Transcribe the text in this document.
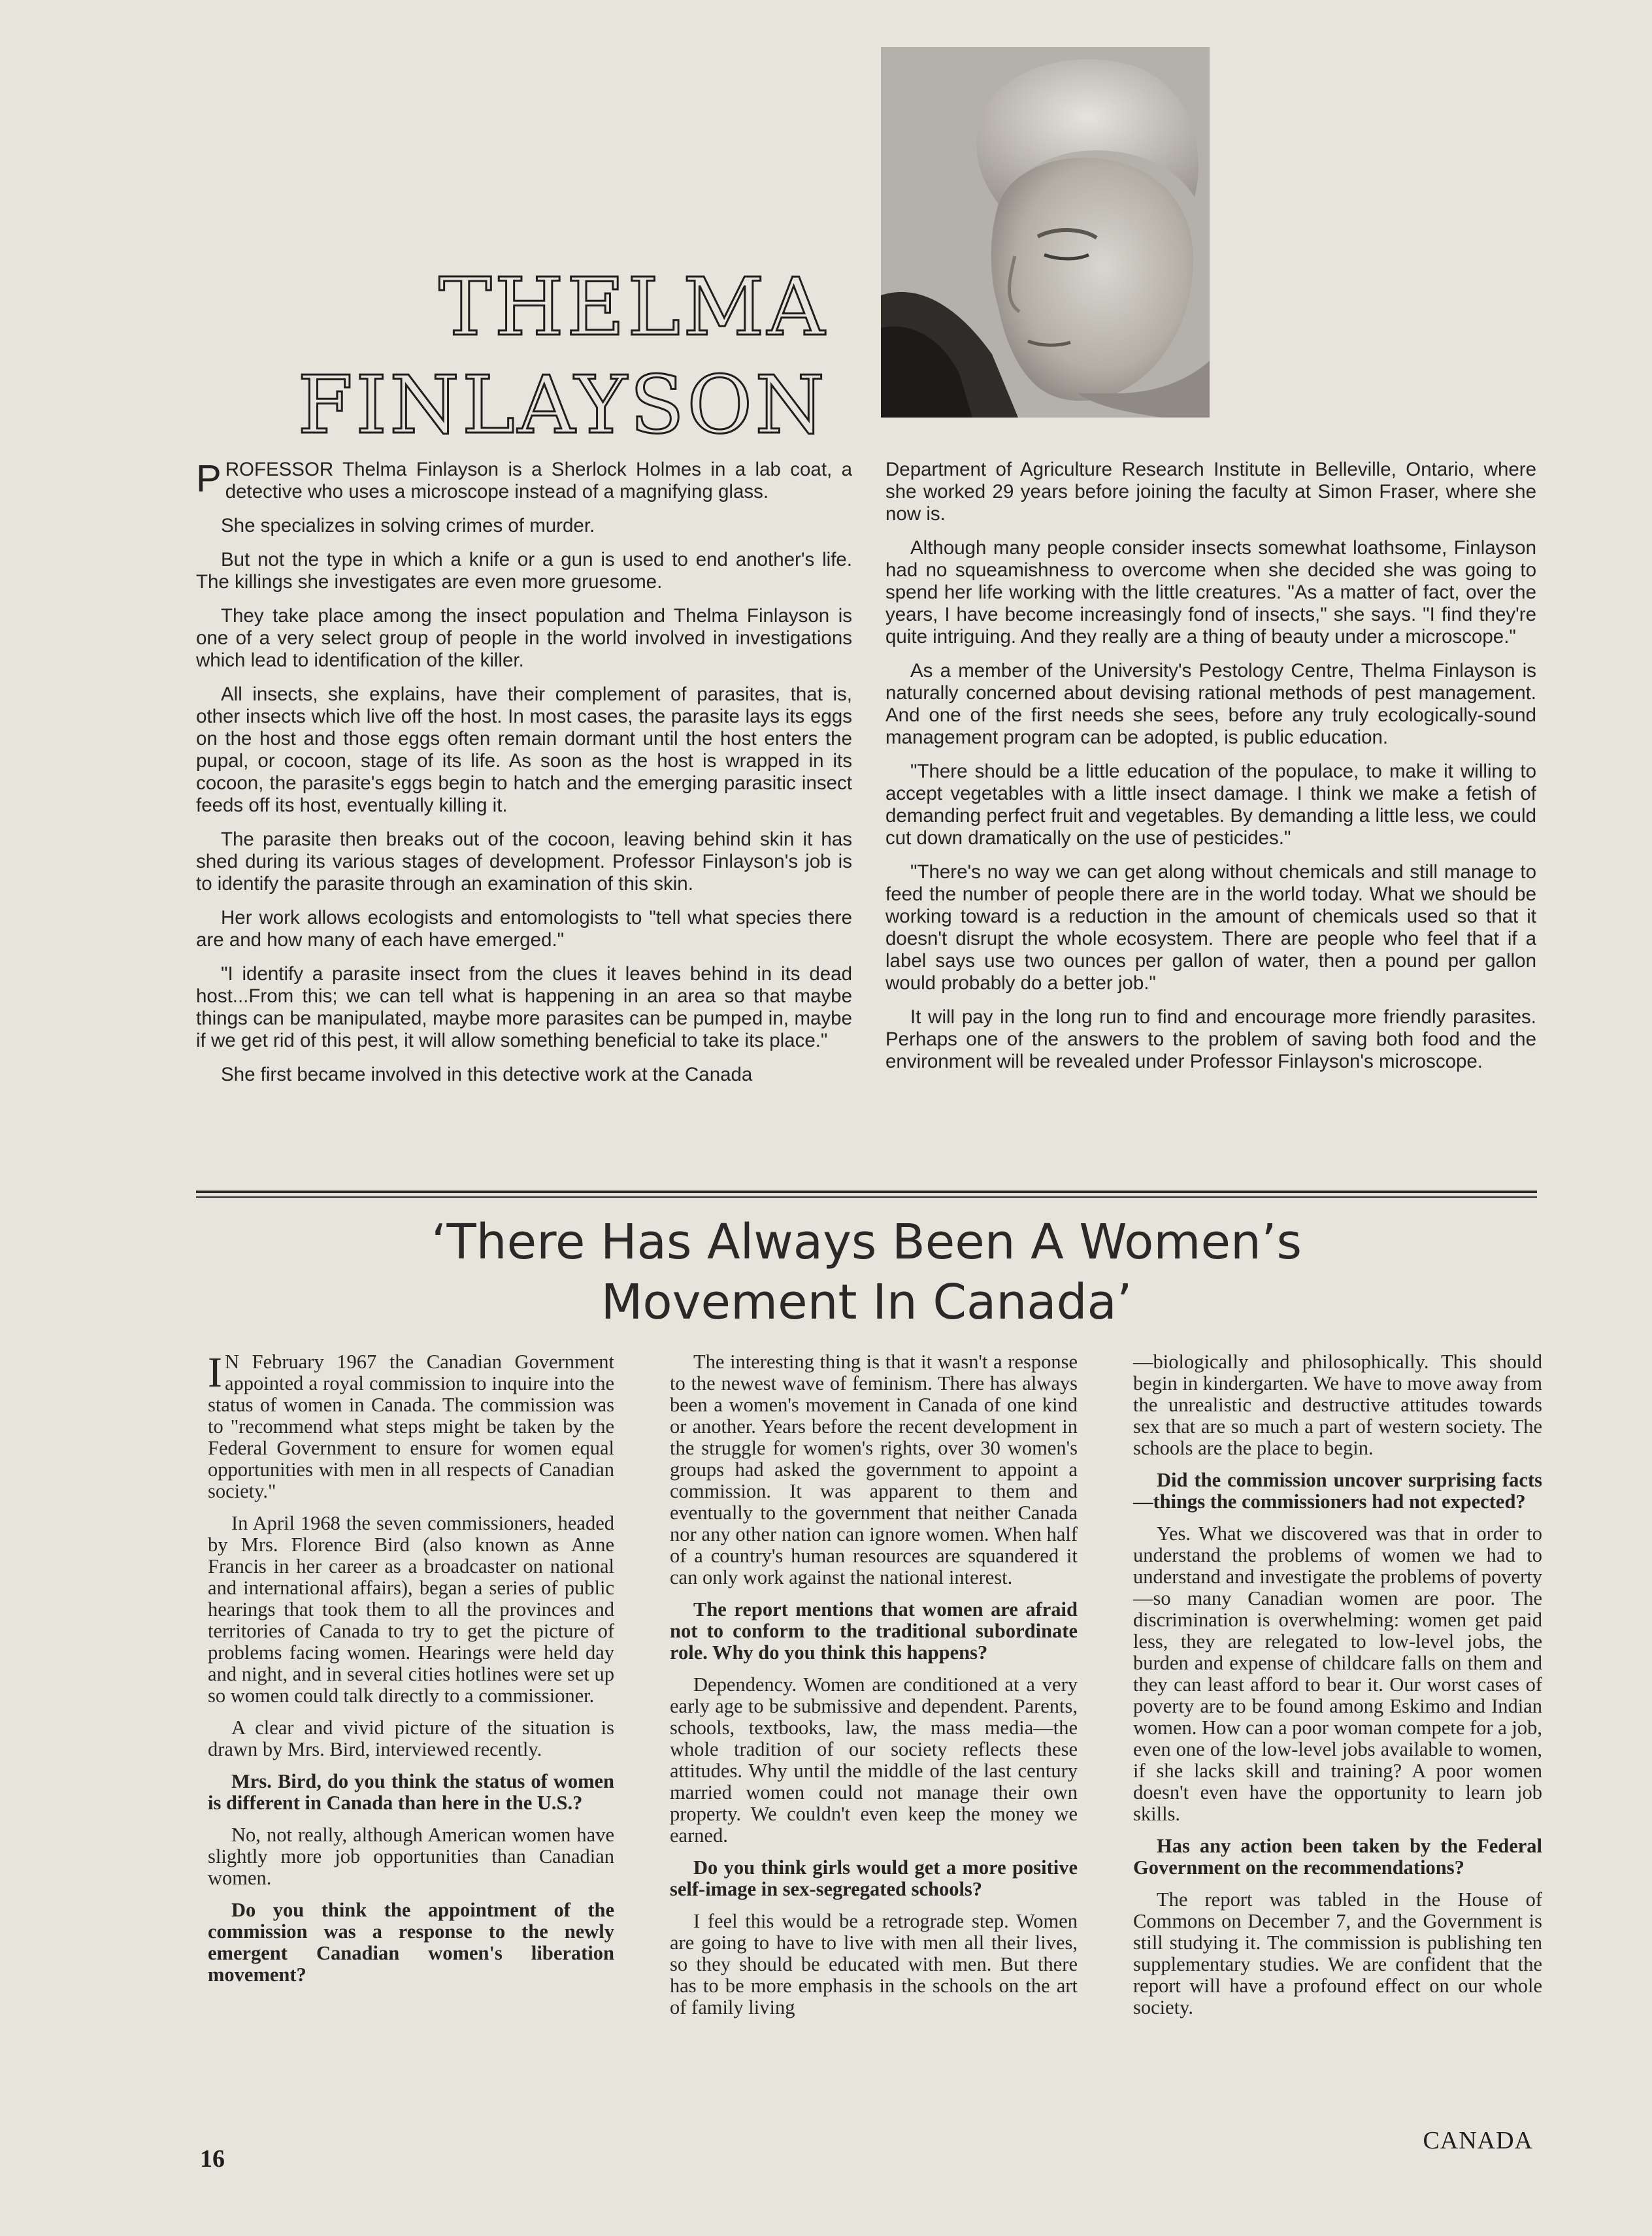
THELMA
FINLAYSON

PROFESSOR Thelma Finlayson is a Sherlock Holmes in a lab coat, a detective who uses a microscope instead of a magnifying glass.

She specializes in solving crimes of murder.

But not the type in which a knife or a gun is used to end another's life. The killings she investigates are even more gruesome.

They take place among the insect population and Thelma Finlayson is one of a very select group of people in the world involved in investigations which lead to identification of the killer.

All insects, she explains, have their complement of parasites, that is, other insects which live off the host. In most cases, the parasite lays its eggs on the host and those eggs often remain dormant until the host enters the pupal, or cocoon, stage of its life. As soon as the host is wrapped in its cocoon, the parasite's eggs begin to hatch and the emerging parasitic insect feeds off its host, eventually killing it.

The parasite then breaks out of the cocoon, leaving behind skin it has shed during its various stages of development. Professor Finlayson's job is to identify the parasite through an examination of this skin.

Her work allows ecologists and entomologists to "tell what species there are and how many of each have emerged."

"I identify a parasite insect from the clues it leaves behind in its dead host...From this; we can tell what is happening in an area so that maybe things can be manipulated, maybe more parasites can be pumped in, maybe if we get rid of this pest, it will allow something beneficial to take its place."

She first became involved in this detective work at the Canada

Department of Agriculture Research Institute in Belleville, Ontario, where she worked 29 years before joining the faculty at Simon Fraser, where she now is.

Although many people consider insects somewhat loathsome, Finlayson had no squeamishness to overcome when she decided she was going to spend her life working with the little creatures. "As a matter of fact, over the years, I have become increasingly fond of insects," she says. "I find they're quite intriguing. And they really are a thing of beauty under a microscope."

As a member of the University's Pestology Centre, Thelma Finlayson is naturally concerned about devising rational methods of pest management. And one of the first needs she sees, before any truly ecologically-sound management program can be adopted, is public education.

"There should be a little education of the populace, to make it willing to accept vegetables with a little insect damage. I think we make a fetish of demanding perfect fruit and vegetables. By demanding a little less, we could cut down dramatically on the use of pesticides."

"There's no way we can get along without chemicals and still manage to feed the number of people there are in the world today. What we should be working toward is a reduction in the amount of chemicals used so that it doesn't disrupt the whole ecosystem. There are people who feel that if a label says use two ounces per gallon of water, then a pound per gallon would probably do a better job."

It will pay in the long run to find and encourage more friendly parasites. Perhaps one of the answers to the problem of saving both food and the environment will be revealed under Professor Finlayson's microscope.

‘There Has Always Been A Women’s
Movement In Canada’

I N February 1967 the Canadian Government appointed a royal commission to inquire into the status of women in Canada. The commission was to "recommend what steps might be taken by the Federal Government to ensure for women equal opportunities with men in all respects of Canadian society."

In April 1968 the seven commissioners, headed by Mrs. Florence Bird (also known as Anne Francis in her career as a broadcaster on national and international affairs), began a series of public hearings that took them to all the provinces and territories of Canada to try to get the picture of problems facing women. Hearings were held day and night, and in several cities hotlines were set up so women could talk directly to a commissioner.

A clear and vivid picture of the situation is drawn by Mrs. Bird, interviewed recently.

Mrs. Bird, do you think the status of women is different in Canada than here in the U.S.?

No, not really, although American women have slightly more job opportunities than Canadian women.

Do you think the appointment of the commission was a response to the newly emergent Canadian women's liberation movement?

The interesting thing is that it wasn't a response to the newest wave of feminism. There has always been a women's movement in Canada of one kind or another. Years before the recent development in the struggle for women's rights, over 30 women's groups had asked the government to appoint a commission. It was apparent to them and eventually to the government that neither Canada nor any other nation can ignore women. When half of a country's human resources are squandered it can only work against the national interest.

The report mentions that women are afraid not to conform to the traditional subordinate role. Why do you think this happens?

Dependency. Women are conditioned at a very early age to be submissive and dependent. Parents, schools, textbooks, law, the mass media—the whole tradition of our society reflects these attitudes. Why until the middle of the last century married women could not manage their own property. We couldn't even keep the money we earned.

Do you think girls would get a more positive self-image in sex-segregated schools?

I feel this would be a retrograde step. Women are going to have to live with men all their lives, so they should be educated with men. But there has to be more emphasis in the schools on the art of family living

—biologically and philosophically. This should begin in kindergarten. We have to move away from the unrealistic and destructive attitudes towards sex that are so much a part of western society. The schools are the place to begin.

Did the commission uncover surprising facts—things the commissioners had not expected?

Yes. What we discovered was that in order to understand the problems of women we had to understand and investigate the problems of poverty—so many Canadian women are poor. The discrimination is overwhelming: women get paid less, they are relegated to low-level jobs, the burden and expense of childcare falls on them and they can least afford to bear it. Our worst cases of poverty are to be found among Eskimo and Indian women. How can a poor woman compete for a job, even one of the low-level jobs available to women, if she lacks skill and training? A poor women doesn't even have the opportunity to learn job skills.

Has any action been taken by the Federal Government on the recommendations?

The report was tabled in the House of Commons on December 7, and the Government is still studying it. The commission is publishing ten supplementary studies. We are confident that the report will have a profound effect on our whole society.

16
CANADA
